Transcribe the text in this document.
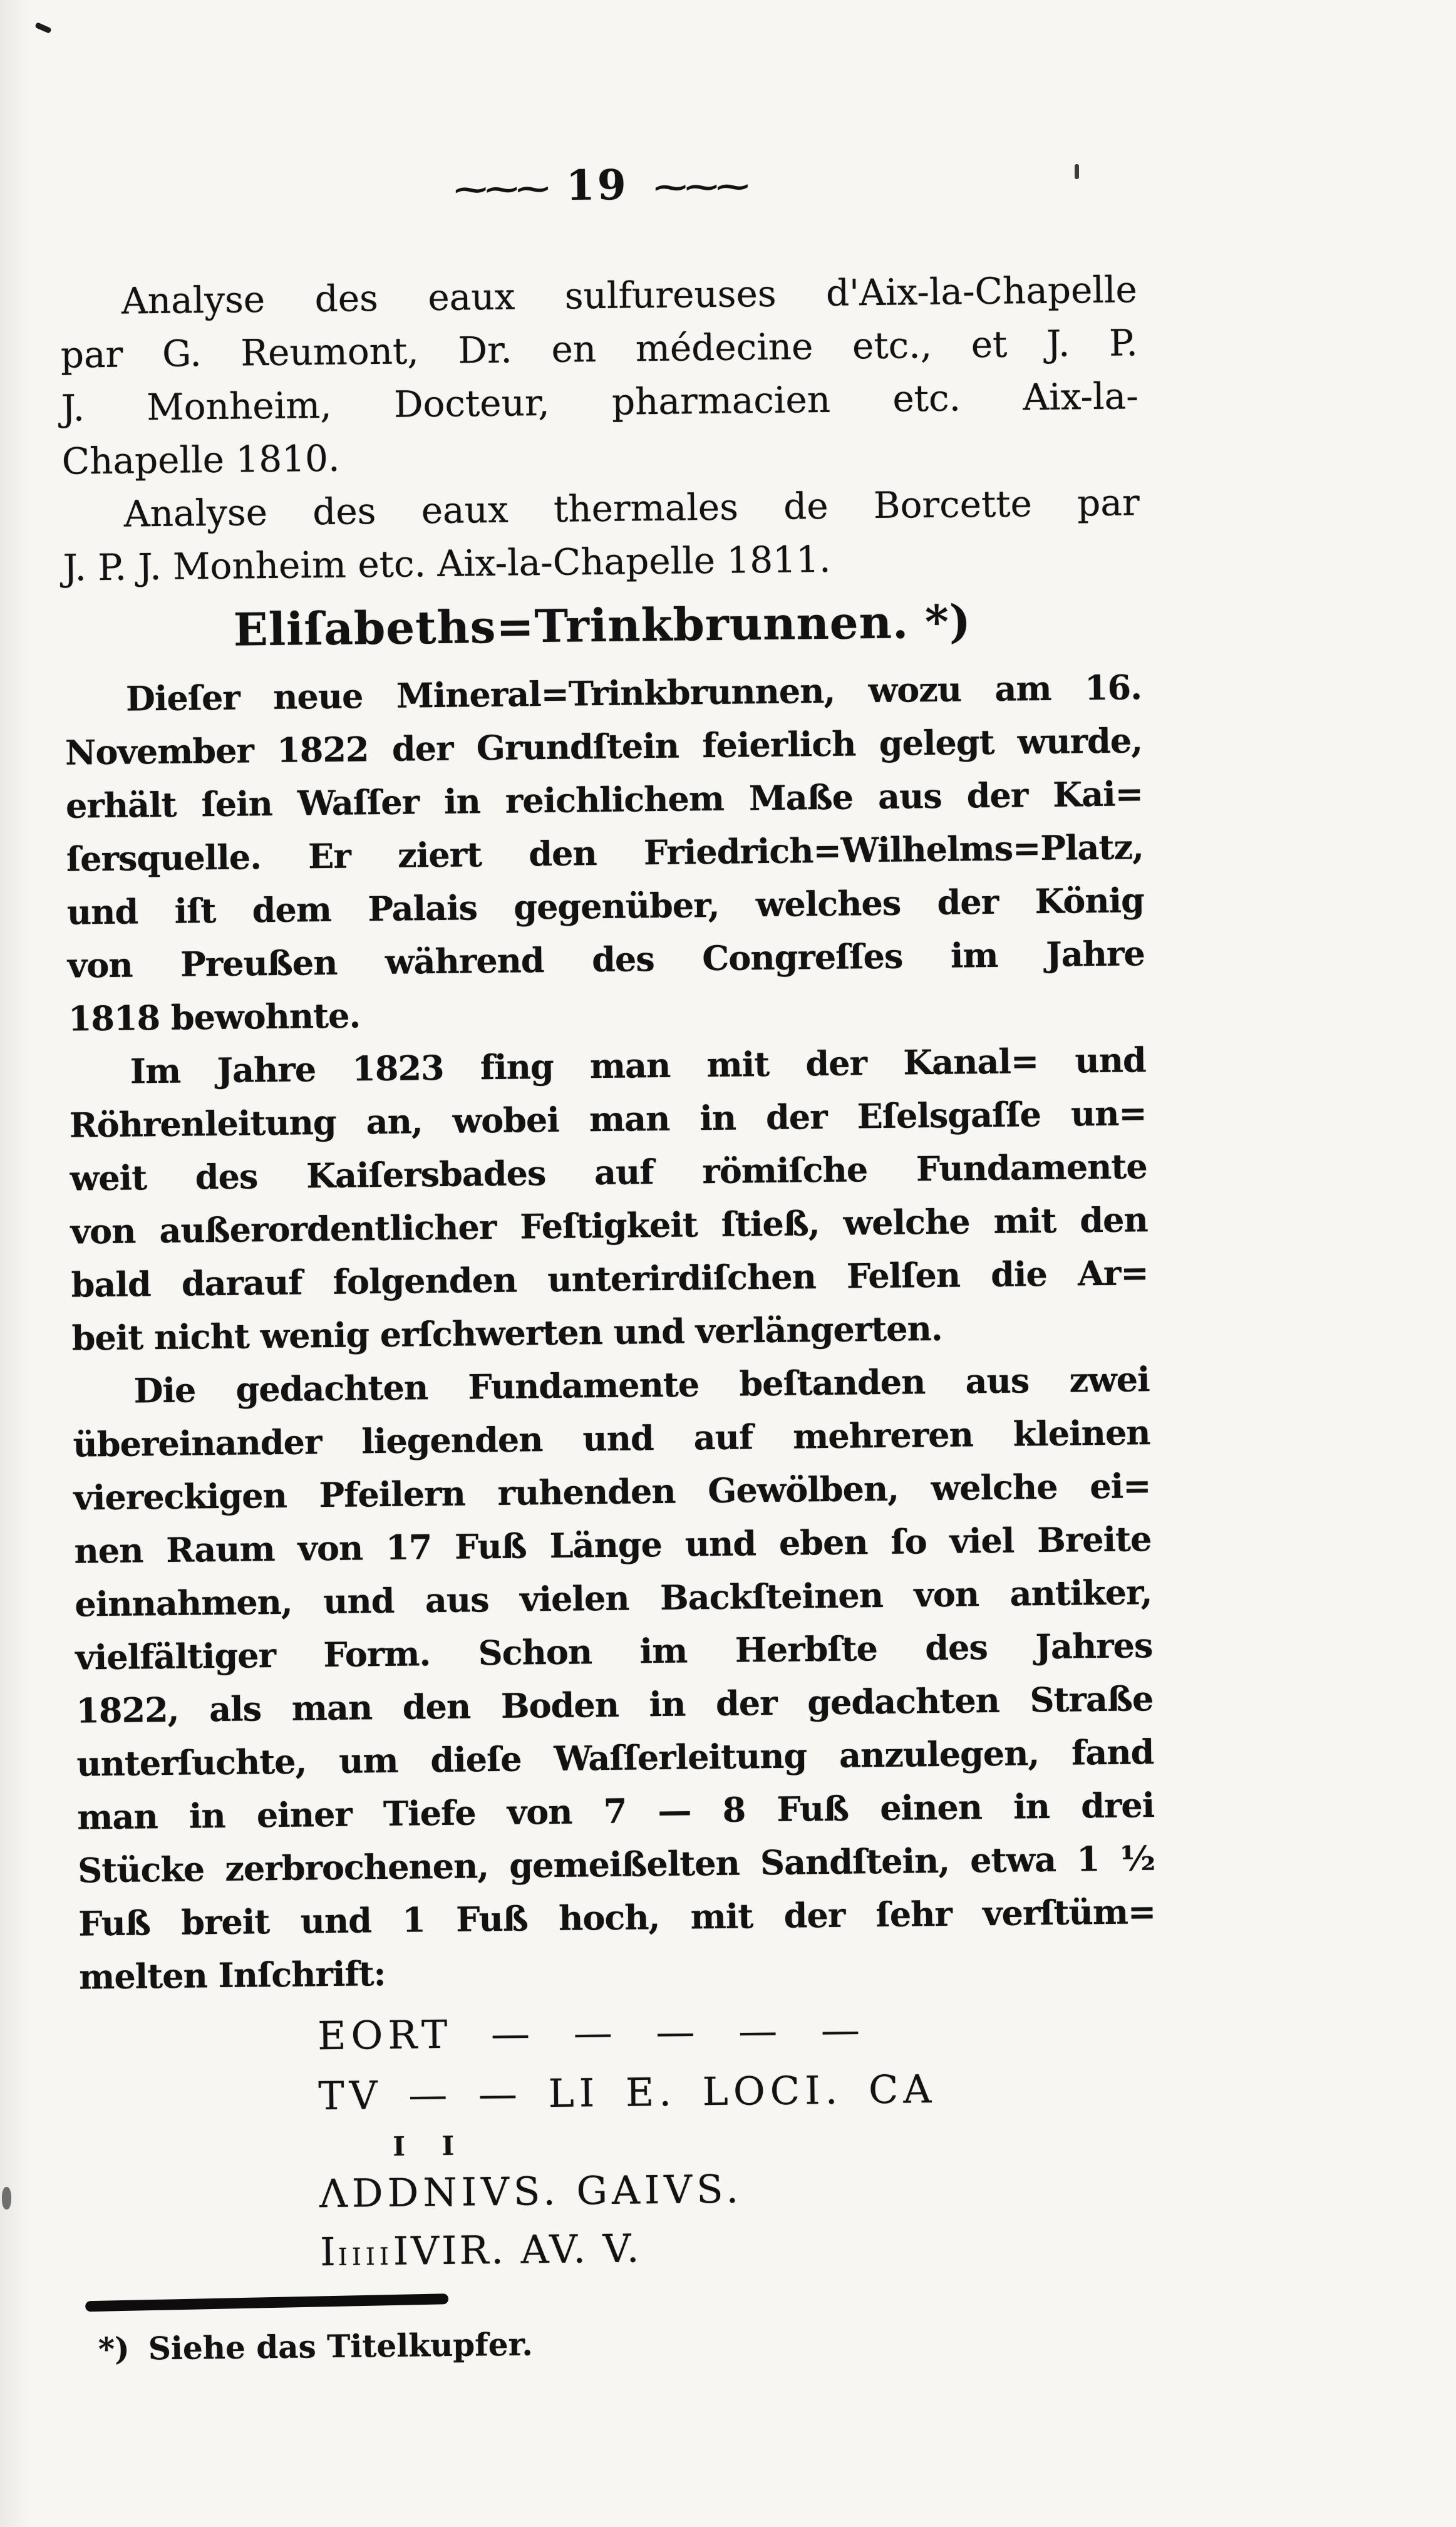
~~~ 19 ~~~
Analyse des eaux sulfureuses d'Aix-la-Chapelle
par G. Reumont, Dr. en médecine etc., et J. P.
J. Monheim, Docteur, pharmacien etc. Aix-la-
Chapelle 1810.
Analyse des eaux thermales de Borcette par
J. P. J. Monheim etc. Aix-la-Chapelle 1811.
Eliſabeths=Trinkbrunnen. *)
Dieſer neue Mineral=Trinkbrunnen, wozu am 16.
November 1822 der Grundſtein feierlich gelegt wurde,
erhält ſein Waſſer in reichlichem Maße aus der Kai=
ſersquelle. Er ziert den Friedrich=Wilhelms=Platz,
und iſt dem Palais gegenüber, welches der König
von Preußen während des Congreſſes im Jahre
1818 bewohnte.
Im Jahre 1823 fing man mit der Kanal= und
Röhrenleitung an, wobei man in der Eſelsgaſſe un=
weit des Kaiſersbades auf römiſche Fundamente
von außerordentlicher Feſtigkeit ſtieß, welche mit den
bald darauf folgenden unterirdiſchen Felſen die Ar=
beit nicht wenig erſchwerten und verlängerten.
Die gedachten Fundamente beſtanden aus zwei
übereinander liegenden und auf mehreren kleinen
viereckigen Pfeilern ruhenden Gewölben, welche ei=
nen Raum von 17 Fuß Länge und eben ſo viel Breite
einnahmen, und aus vielen Backſteinen von antiker,
vielfältiger Form. Schon im Herbſte des Jahres
1822, als man den Boden in der gedachten Straße
unterſuchte, um dieſe Waſſerleitung anzulegen, fand
man in einer Tiefe von 7 — 8 Fuß einen in drei
Stücke zerbrochenen, gemeißelten Sandſtein, etwa 1 ½
Fuß breit und 1 Fuß hoch, mit der ſehr verſtüm=
melten Inſchrift:
EORT — — — — —
TV — — LI E. LOCI. CA
I I
ΛDDNIVS. GAIVS.
IIIIIIVIR. AV. V.
*) Siehe das Titelkupfer.
